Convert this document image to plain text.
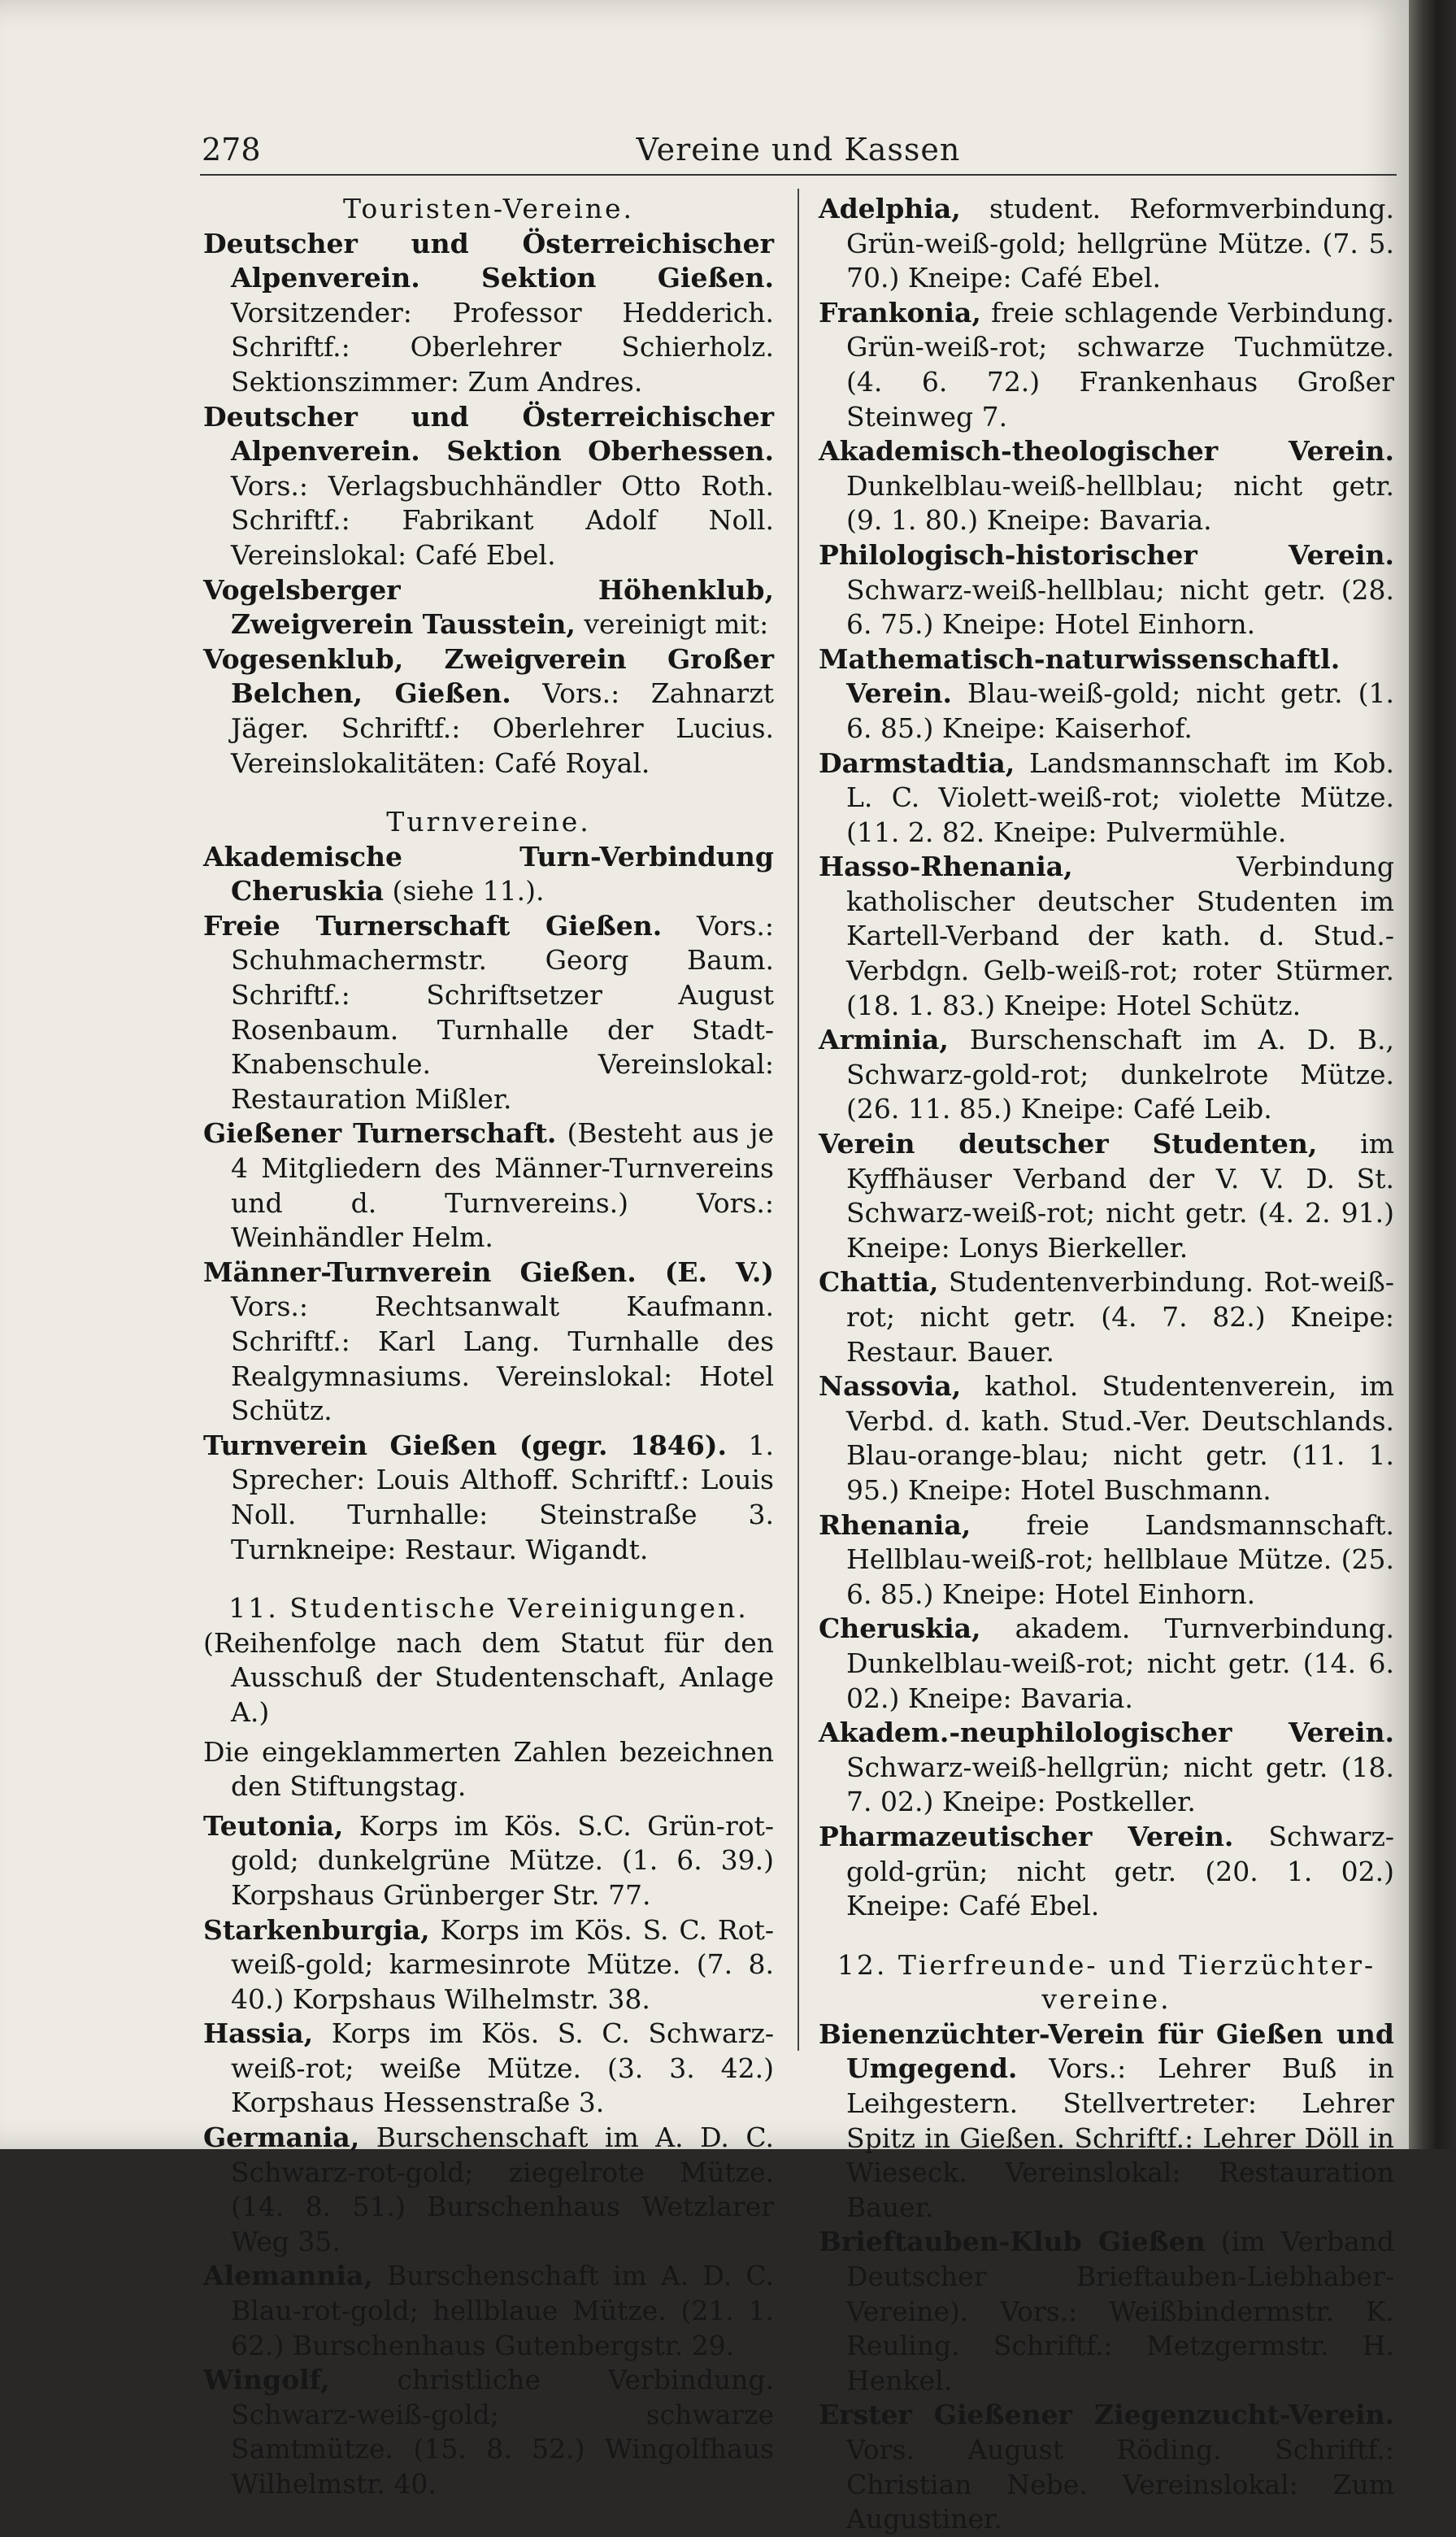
278	Vereine und Kassen

Touristen-Vereine.

Deutscher und Österreichischer Alpenverein. Sektion Gießen. Vorsitzender: Professor Hedderich. Schriftf.: Oberlehrer Schierholz. Sektionszimmer: Zum Andres.

Deutscher und Österreichischer Alpenverein. Sektion Oberhessen. Vors.: Verlagsbuchhändler Otto Roth. Schriftf.: Fabrikant Adolf Noll. Vereinslokal: Café Ebel.

Vogelsberger Höhenklub, Zweigverein Tausstein, vereinigt mit:

Vogesenklub, Zweigverein Großer Belchen, Gießen. Vors.: Zahnarzt Jäger. Schriftf.: Oberlehrer Lucius. Vereinslokalitäten: Café Royal.

Turnvereine.

Akademische Turn-Verbindung Cheruskia (siehe 11.).

Freie Turnerschaft Gießen. Vors.: Schuhmachermstr. Georg Baum. Schriftf.: Schriftsetzer August Rosenbaum. Turnhalle der Stadt-Knabenschule. Vereinslokal: Restauration Mißler.

Gießener Turnerschaft. (Besteht aus je 4 Mitgliedern des Männer-Turnvereins und d. Turnvereins.) Vors.: Weinhändler Helm.

Männer-Turnverein Gießen. (E. V.) Vors.: Rechtsanwalt Kaufmann. Schriftf.: Karl Lang. Turnhalle des Realgymnasiums. Vereinslokal: Hotel Schütz.

Turnverein Gießen (gegr. 1846). 1. Sprecher: Louis Althoff. Schriftf.: Louis Noll. Turnhalle: Steinstraße 3. Turnkneipe: Restaur. Wigandt.

11. Studentische Vereinigungen.

(Reihenfolge nach dem Statut für den Ausschuß der Studentenschaft, Anlage A.)

Die eingeklammerten Zahlen bezeichnen den Stiftungstag.

Teutonia, Korps im Kös. S.C. Grün-rot-gold; dunkelgrüne Mütze. (1. 6. 39.) Korpshaus Grünberger Str. 77.

Starkenburgia, Korps im Kös. S. C. Rot-weiß-gold; karmesinrote Mütze. (7. 8. 40.) Korpshaus Wilhelmstr. 38.

Hassia, Korps im Kös. S. C. Schwarz-weiß-rot; weiße Mütze. (3. 3. 42.) Korpshaus Hessenstraße 3.

Germania, Burschenschaft im A. D. C. Schwarz-rot-gold; ziegelrote Mütze. (14. 8. 51.) Burschenhaus Wetzlarer Weg 35.

Alemannia, Burschenschaft im A. D. C. Blau-rot-gold; hellblaue Mütze. (21. 1. 62.) Burschenhaus Gutenbergstr. 29.

Wingolf, christliche Verbindung. Schwarz-weiß-gold; schwarze Samtmütze. (15. 8. 52.) Wingolfhaus Wilhelmstr. 40.

Adelphia, student. Reformverbindung. Grün-weiß-gold; hellgrüne Mütze. (7. 5. 70.) Kneipe: Café Ebel.

Frankonia, freie schlagende Verbindung. Grün-weiß-rot; schwarze Tuchmütze. (4. 6. 72.) Frankenhaus Großer Steinweg 7.

Akademisch-theologischer Verein. Dunkelblau-weiß-hellblau; nicht getr. (9. 1. 80.) Kneipe: Bavaria.

Philologisch-historischer Verein. Schwarz-weiß-hellblau; nicht getr. (28. 6. 75.) Kneipe: Hotel Einhorn.

Mathematisch-naturwissenschaftl. Verein. Blau-weiß-gold; nicht getr. (1. 6. 85.) Kneipe: Kaiserhof.

Darmstadtia, Landsmannschaft im Kob. L. C. Violett-weiß-rot; violette Mütze. (11. 2. 82. Kneipe: Pulvermühle.

Hasso-Rhenania, Verbindung katholischer deutscher Studenten im Kartell-Verband der kath. d. Stud.-Verbdgn. Gelb-weiß-rot; roter Stürmer. (18. 1. 83.) Kneipe: Hotel Schütz.

Arminia, Burschenschaft im A. D. B., Schwarz-gold-rot; dunkelrote Mütze. (26. 11. 85.) Kneipe: Café Leib.

Verein deutscher Studenten, im Kyffhäuser Verband der V. V. D. St. Schwarz-weiß-rot; nicht getr. (4. 2. 91.) Kneipe: Lonys Bierkeller.

Chattia, Studentenverbindung. Rot-weiß-rot; nicht getr. (4. 7. 82.) Kneipe: Restaur. Bauer.

Nassovia, kathol. Studentenverein, im Verbd. d. kath. Stud.-Ver. Deutschlands. Blau-orange-blau; nicht getr. (11. 1. 95.) Kneipe: Hotel Buschmann.

Rhenania, freie Landsmannschaft. Hellblau-weiß-rot; hellblaue Mütze. (25. 6. 85.) Kneipe: Hotel Einhorn.

Cheruskia, akadem. Turnverbindung. Dunkelblau-weiß-rot; nicht getr. (14. 6. 02.) Kneipe: Bavaria.

Akadem.-neuphilologischer Verein. Schwarz-weiß-hellgrün; nicht getr. (18. 7. 02.) Kneipe: Postkeller.

Pharmazeutischer Verein. Schwarz-gold-grün; nicht getr. (20. 1. 02.) Kneipe: Café Ebel.

12. Tierfreunde- und Tierzüchter-vereine.

Bienenzüchter-Verein für Gießen und Umgegend. Vors.: Lehrer Buß in Leihgestern. Stellvertreter: Lehrer Spitz in Gießen. Schriftf.: Lehrer Döll in Wieseck. Vereinslokal: Restauration Bauer.

Brieftauben-Klub Gießen (im Verband Deutscher Brieftauben-Liebhaber-Vereine). Vors.: Weißbindermstr. K. Reuling. Schriftf.: Metzgermstr. H. Henkel.

Erster Gießener Ziegenzucht-Verein. Vors. August Röding. Schriftf.: Christian Nebe. Vereinslokal: Zum Augustiner.
